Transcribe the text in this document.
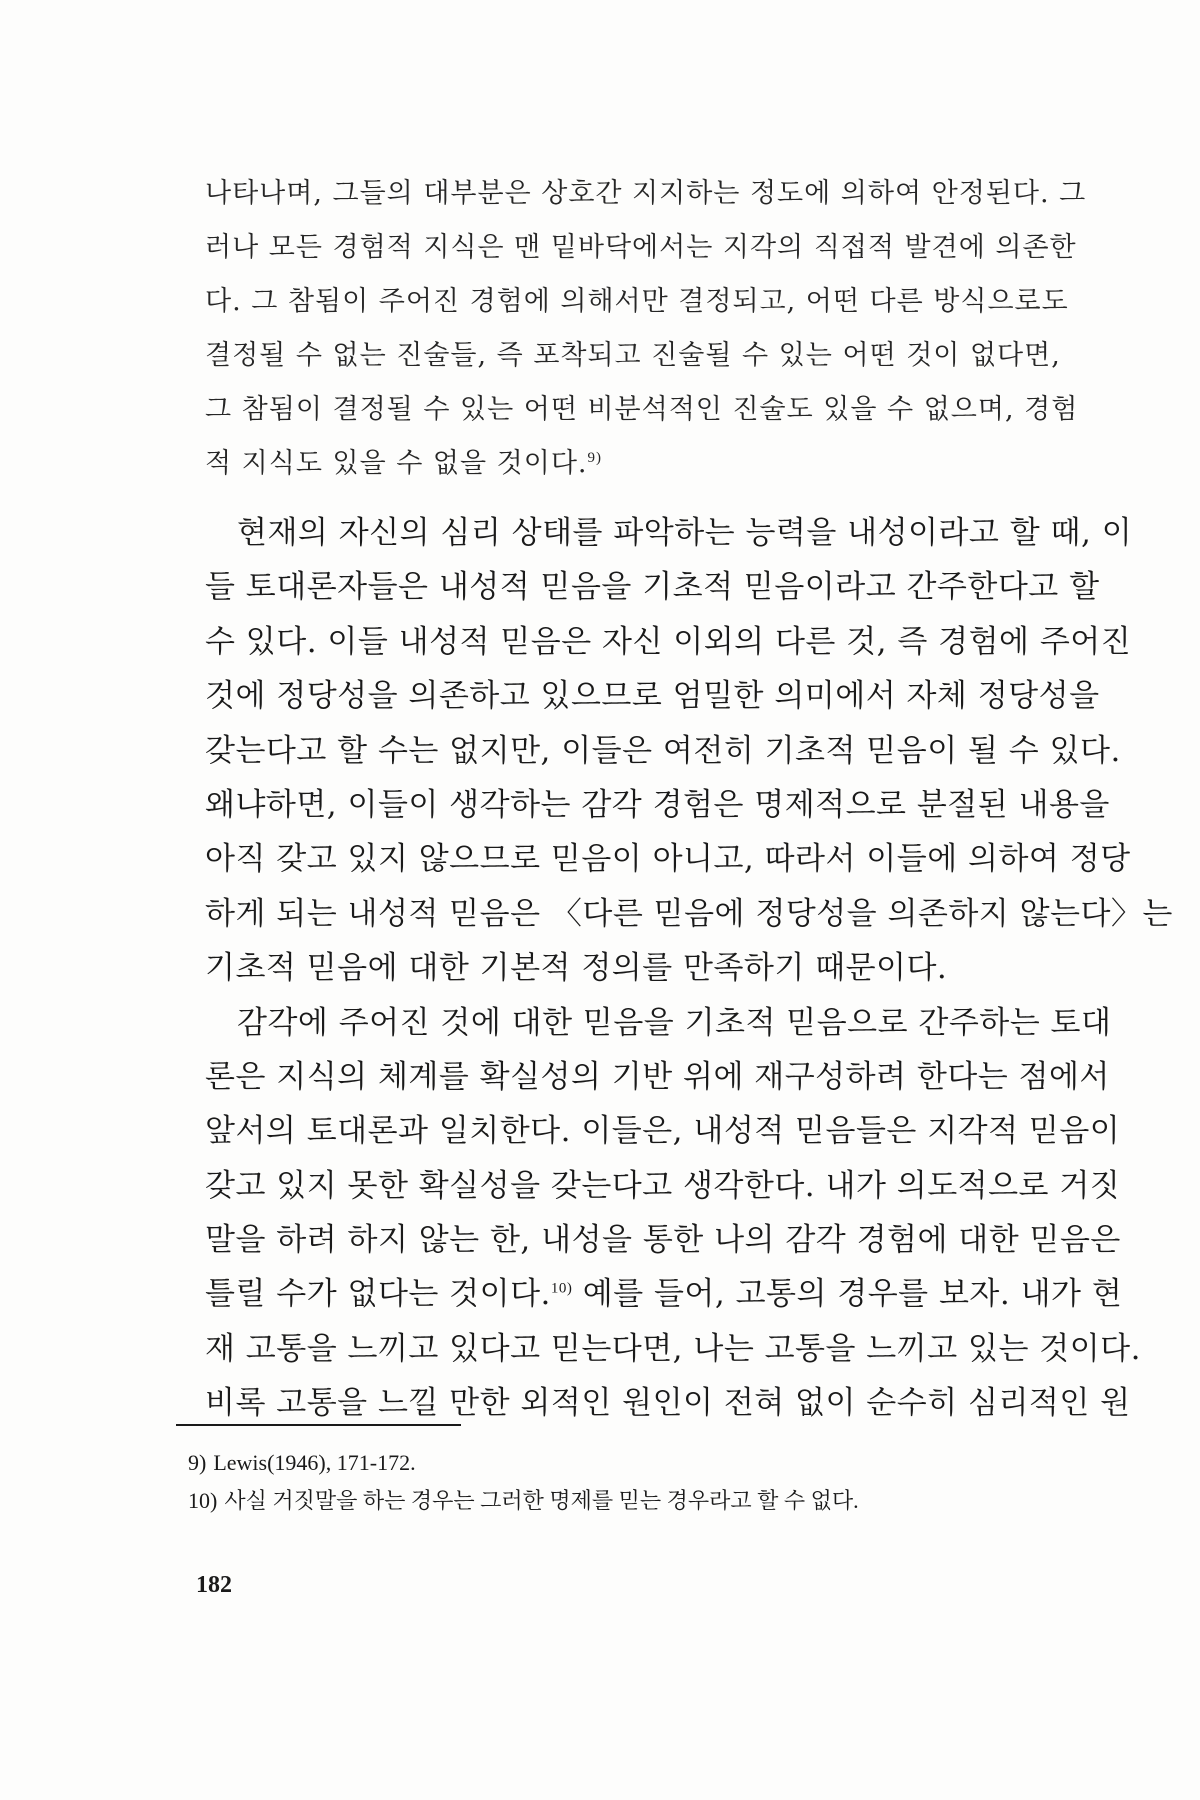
나타나며, 그들의 대부분은 상호간 지지하는 정도에 의하여 안정된다. 그
러나 모든 경험적 지식은 맨 밑바닥에서는 지각의 직접적 발견에 의존한
다. 그 참됨이 주어진 경험에 의해서만 결정되고, 어떤 다른 방식으로도
결정될 수 없는 진술들, 즉 포착되고 진술될 수 있는 어떤 것이 없다면,
그 참됨이 결정될 수 있는 어떤 비분석적인 진술도 있을 수 없으며, 경험
적 지식도 있을 수 없을 것이다.$^{9)}$
현재의 자신의 심리 상태를 파악하는 능력을 내성이라고 할 때, 이
들 토대론자들은 내성적 믿음을 기초적 믿음이라고 간주한다고 할
수 있다. 이들 내성적 믿음은 자신 이외의 다른 것, 즉 경험에 주어진
것에 정당성을 의존하고 있으므로 엄밀한 의미에서 자체 정당성을
갖는다고 할 수는 없지만, 이들은 여전히 기초적 믿음이 될 수 있다.
왜냐하면, 이들이 생각하는 감각 경험은 명제적으로 분절된 내용을
아직 갖고 있지 않으므로 믿음이 아니고, 따라서 이들에 의하여 정당
하게 되는 내성적 믿음은 〈다른 믿음에 정당성을 의존하지 않는다〉는
기초적 믿음에 대한 기본적 정의를 만족하기 때문이다.
감각에 주어진 것에 대한 믿음을 기초적 믿음으로 간주하는 토대
론은 지식의 체계를 확실성의 기반 위에 재구성하려 한다는 점에서
앞서의 토대론과 일치한다. 이들은, 내성적 믿음들은 지각적 믿음이
갖고 있지 못한 확실성을 갖는다고 생각한다. 내가 의도적으로 거짓
말을 하려 하지 않는 한, 내성을 통한 나의 감각 경험에 대한 믿음은
틀릴 수가 없다는 것이다.$^{10)}$ 예를 들어, 고통의 경우를 보자. 내가 현
재 고통을 느끼고 있다고 믿는다면, 나는 고통을 느끼고 있는 것이다.
비록 고통을 느낄 만한 외적인 원인이 전혀 없이 순수히 심리적인 원
9) Lewis(1946), 171-172.
10) 사실 거짓말을 하는 경우는 그러한 명제를 믿는 경우라고 할 수 없다.
182
